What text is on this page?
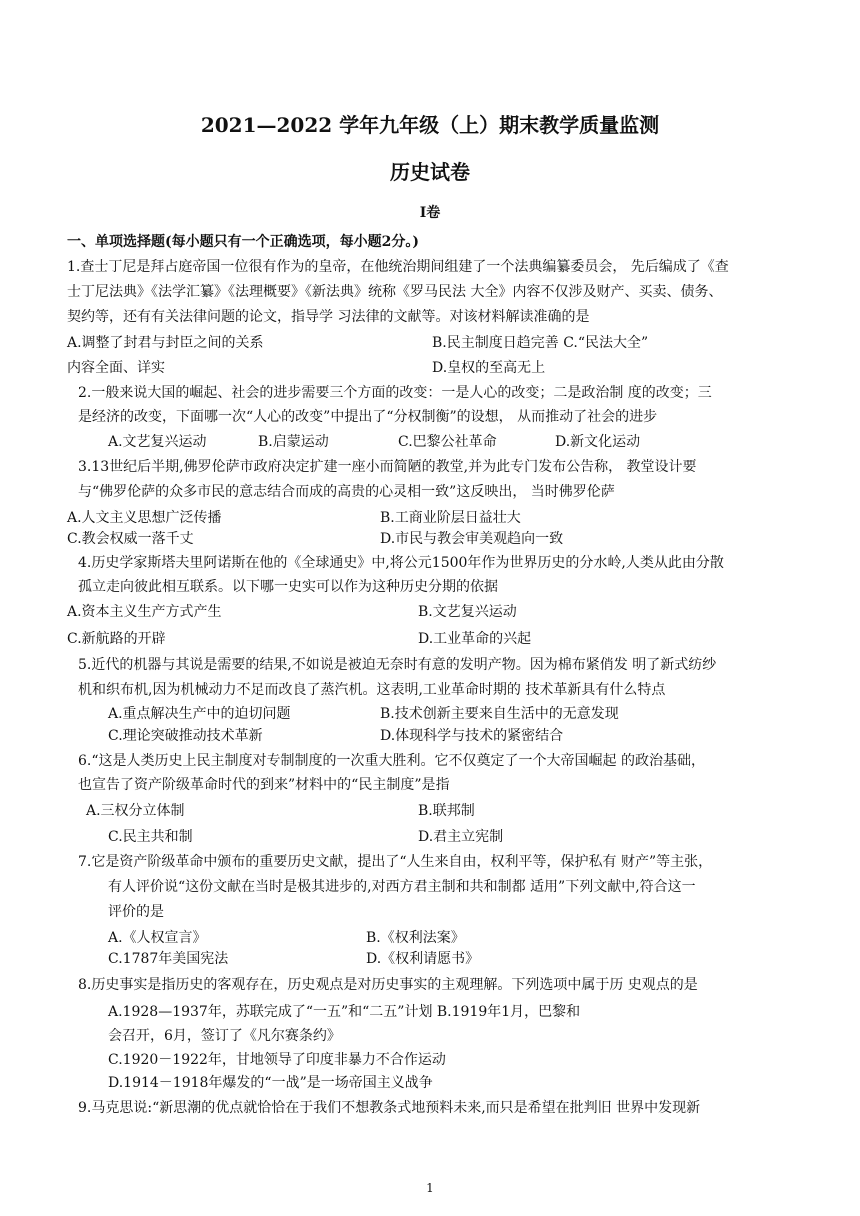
2021—2022 学年九年级（上）期末教学质量监测
历史试卷
I卷
一、单项选择题(每小题只有一个正确选项，每小题2分。)
1.查士丁尼是拜占庭帝国一位很有作为的皇帝，在他统治期间组建了一个法典编纂委员会， 先后编成了《查
士丁尼法典》《法学汇纂》《法理概要》《新法典》统称《罗马民法 大全》内容不仅涉及财产、买卖、债务、
契约等，还有有关法律问题的论文，指导学 习法律的文献等。对该材料解读准确的是
A.调整了封君与封臣之间的关系	B.民主制度日趋完善 C.“民法大全”
内容全面、详实	D.皇权的至高无上
2.一般来说大国的崛起、社会的进步需要三个方面的改变：一是人心的改变；二是政治制 度的改变；三
是经济的改变，下面哪一次“人心的改变”中提出了“分权制衡”的设想， 从而推动了社会的进步
A.文艺复兴运动	B.启蒙运动	C.巴黎公社革命	D.新文化运动
3.13世纪后半期,佛罗伦萨市政府决定扩建一座小而简陋的教堂,并为此专门发布公告称， 教堂设计要
与“佛罗伦萨的众多市民的意志结合而成的高贵的心灵相一致”这反映出， 当时佛罗伦萨
A.人文主义思想广泛传播	B.工商业阶层日益壮大
C.教会权威一落千丈	D.市民与教会审美观趋向一致
4.历史学家斯塔夫里阿诺斯在他的《全球通史》中,将公元1500年作为世界历史的分水岭,人类从此由分散
孤立走向彼此相互联系。以下哪一史实可以作为这种历史分期的依据
A.资本主义生产方式产生	B.文艺复兴运动
C.新航路的开辟	D.工业革命的兴起
5.近代的机器与其说是需要的结果,不如说是被迫无奈时有意的发明产物。因为棉布紧俏发 明了新式纺纱
机和织布机,因为机械动力不足而改良了蒸汽机。这表明,工业革命时期的 技术革新具有什么特点
A.重点解决生产中的迫切问题	B.技术创新主要来自生活中的无意发现
C.理论突破推动技术革新	D.体现科学与技术的紧密结合
6.“这是人类历史上民主制度对专制制度的一次重大胜利。它不仅奠定了一个大帝国崛起 的政治基础，
也宣告了资产阶级革命时代的到来”材料中的“民主制度”是指
A.三权分立体制	B.联邦制
C.民主共和制	D.君主立宪制
7.它是资产阶级革命中颁布的重要历史文献，提出了“人生来自由，权利平等，保护私有 财产”等主张，
有人评价说“这份文献在当时是极其进步的,对西方君主制和共和制都 适用”下列文献中,符合这一
评价的是
A.《人权宣言》	B.《权利法案》
C.1787年美国宪法	D.《权利请愿书》
8.历史事实是指历史的客观存在，历史观点是对历史事实的主观理解。下列选项中属于历 史观点的是
A.1928—1937年，苏联完成了“一五”和“二五”计划 B.1919年1月，巴黎和
会召开，6月，签订了《凡尔赛条约》
C.1920－1922年，甘地领导了印度非暴力不合作运动
D.1914－1918年爆发的“一战”是一场帝国主义战争
9.马克思说:“新思潮的优点就恰恰在于我们不想教条式地预料未来,而只是希望在批判旧 世界中发现新
1
